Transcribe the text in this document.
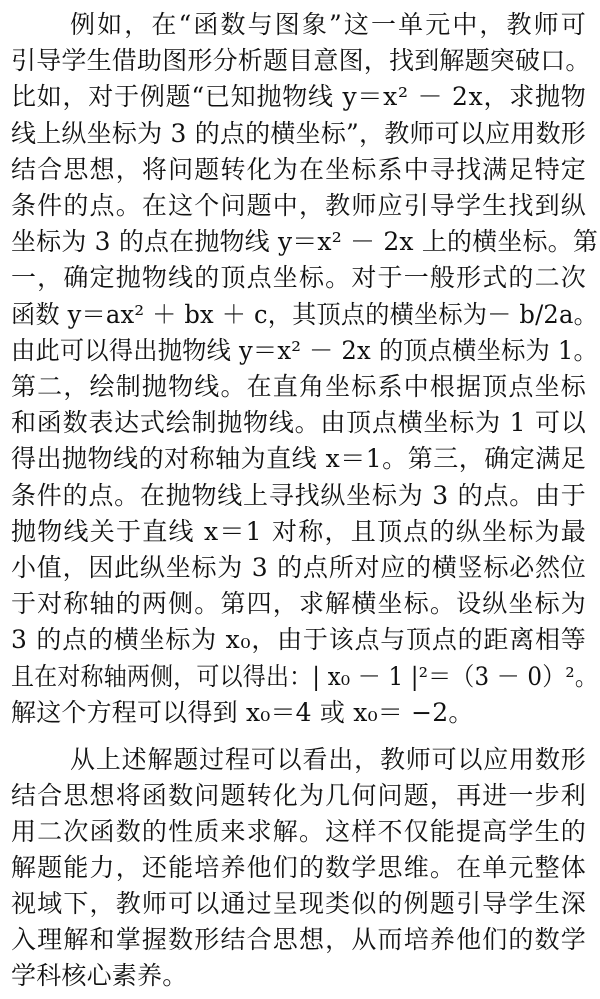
例如，在“函数与图象”这一单元中，教师可
引导学生借助图形分析题目意图，找到解题突破口。
比如，对于例题“已知抛物线 y＝x² － 2x，求抛物
线上纵坐标为 3 的点的横坐标”，教师可以应用数形
结合思想，将问题转化为在坐标系中寻找满足特定
条件的点。在这个问题中，教师应引导学生找到纵
坐标为 3 的点在抛物线 y＝x² － 2x 上的横坐标。第
一，确定抛物线的顶点坐标。对于一般形式的二次
函数 y＝ax² ＋ bx ＋ c，其顶点的横坐标为－ b/2a。
由此可以得出抛物线 y＝x² － 2x 的顶点横坐标为 1。
第二，绘制抛物线。在直角坐标系中根据顶点坐标
和函数表达式绘制抛物线。由顶点横坐标为 1 可以
得出抛物线的对称轴为直线 x＝1。第三，确定满足
条件的点。在抛物线上寻找纵坐标为 3 的点。由于
抛物线关于直线 x＝1 对称，且顶点的纵坐标为最
小值，因此纵坐标为 3 的点所对应的横竖标必然位
于对称轴的两侧。第四，求解横坐标。设纵坐标为
3 的点的横坐标为 x₀，由于该点与顶点的距离相等
且在对称轴两侧，可以得出：| x₀ － 1 |²＝（3 － 0）²。
解这个方程可以得到 x₀＝4 或 x₀＝ −2。
从上述解题过程可以看出，教师可以应用数形
结合思想将函数问题转化为几何问题，再进一步利
用二次函数的性质来求解。这样不仅能提高学生的
解题能力，还能培养他们的数学思维。在单元整体
视域下，教师可以通过呈现类似的例题引导学生深
入理解和掌握数形结合思想，从而培养他们的数学
学科核心素养。
